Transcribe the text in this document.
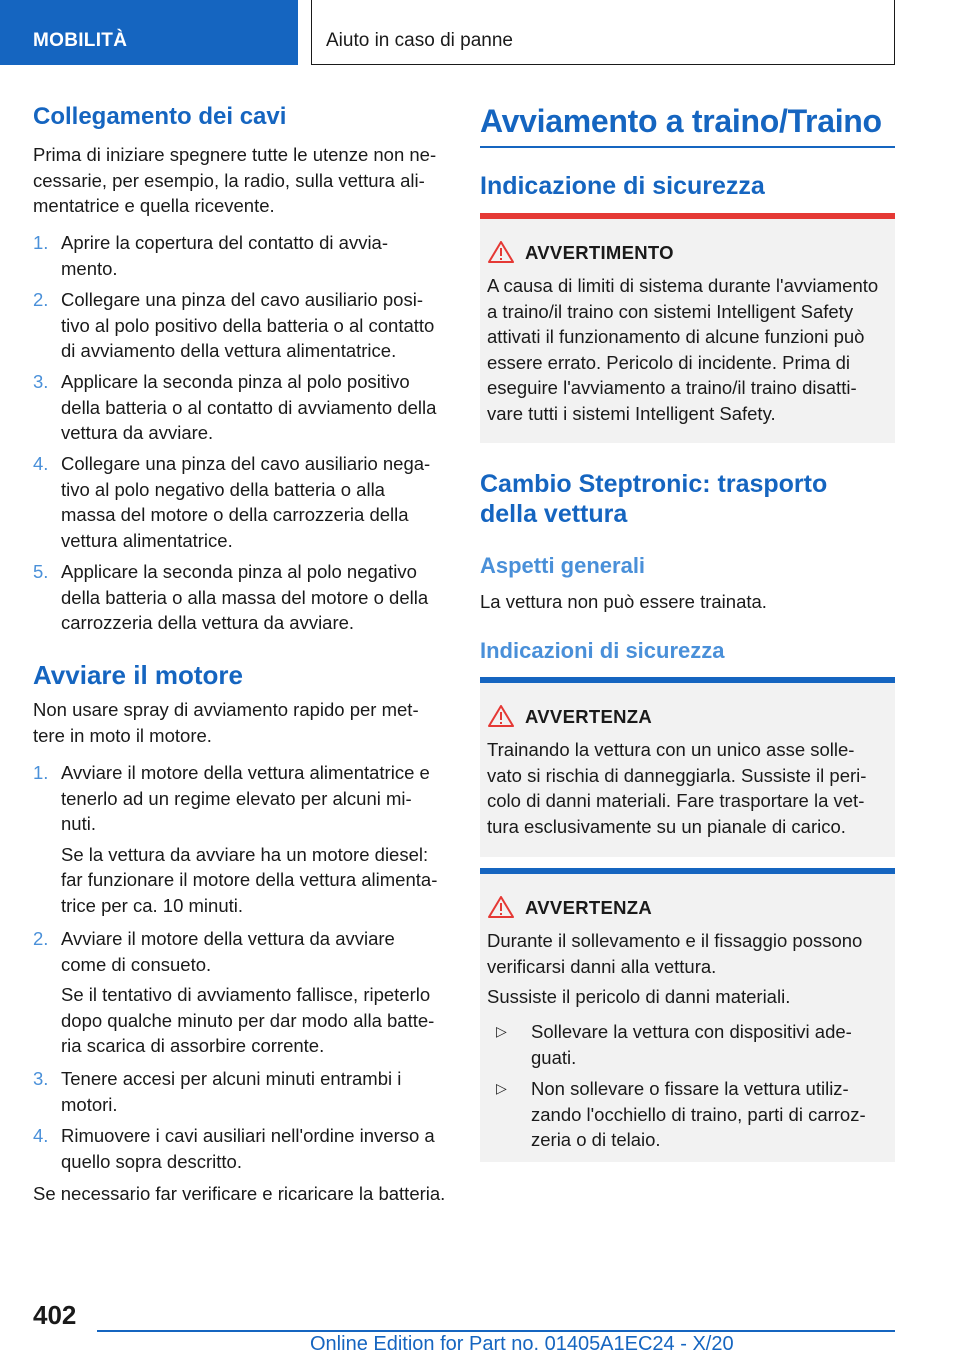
MOBILITÀ	Aiuto in caso di panne
Collegamento dei cavi
Prima di iniziare spegnere tutte le utenze non ne-
cessarie, per esempio, la radio, sulla vettura ali-
mentatrice e quella ricevente.
1. Aprire la copertura del contatto di avvia-
mento.
2. Collegare una pinza del cavo ausiliario posi-
tivo al polo positivo della batteria o al contatto
di avviamento della vettura alimentatrice.
3. Applicare la seconda pinza al polo positivo
della batteria o al contatto di avviamento della
vettura da avviare.
4. Collegare una pinza del cavo ausiliario nega-
tivo al polo negativo della batteria o alla
massa del motore o della carrozzeria della
vettura alimentatrice.
5. Applicare la seconda pinza al polo negativo
della batteria o alla massa del motore o della
carrozzeria della vettura da avviare.
Avviare il motore
Non usare spray di avviamento rapido per met-
tere in moto il motore.
1. Avviare il motore della vettura alimentatrice e
tenerlo ad un regime elevato per alcuni mi-
nuti.
Se la vettura da avviare ha un motore diesel:
far funzionare il motore della vettura alimenta-
trice per ca. 10 minuti.
2. Avviare il motore della vettura da avviare
come di consueto.
Se il tentativo di avviamento fallisce, ripeterlo
dopo qualche minuto per dar modo alla batte-
ria scarica di assorbire corrente.
3. Tenere accesi per alcuni minuti entrambi i
motori.
4. Rimuovere i cavi ausiliari nell'ordine inverso a
quello sopra descritto.
Se necessario far verificare e ricaricare la batteria.
Avviamento a traino/Traino
Indicazione di sicurezza
AVVERTIMENTO
A causa di limiti di sistema durante l'avviamento
a traino/il traino con sistemi Intelligent Safety
attivati il funzionamento di alcune funzioni può
essere errato. Pericolo di incidente. Prima di
eseguire l'avviamento a traino/il traino disatti-
vare tutti i sistemi Intelligent Safety.
Cambio Steptronic: trasporto
della vettura
Aspetti generali
La vettura non può essere trainata.
Indicazioni di sicurezza
AVVERTENZA
Trainando la vettura con un unico asse solle-
vato si rischia di danneggiarla. Sussiste il peri-
colo di danni materiali. Fare trasportare la vet-
tura esclusivamente su un pianale di carico.
AVVERTENZA
Durante il sollevamento e il fissaggio possono
verificarsi danni alla vettura.
Sussiste il pericolo di danni materiali.
▷ Sollevare la vettura con dispositivi ade-
guati.
▷ Non sollevare o fissare la vettura utiliz-
zando l'occhiello di traino, parti di carroz-
zeria o di telaio.
402
Online Edition for Part no. 01405A1EC24 - X/20
